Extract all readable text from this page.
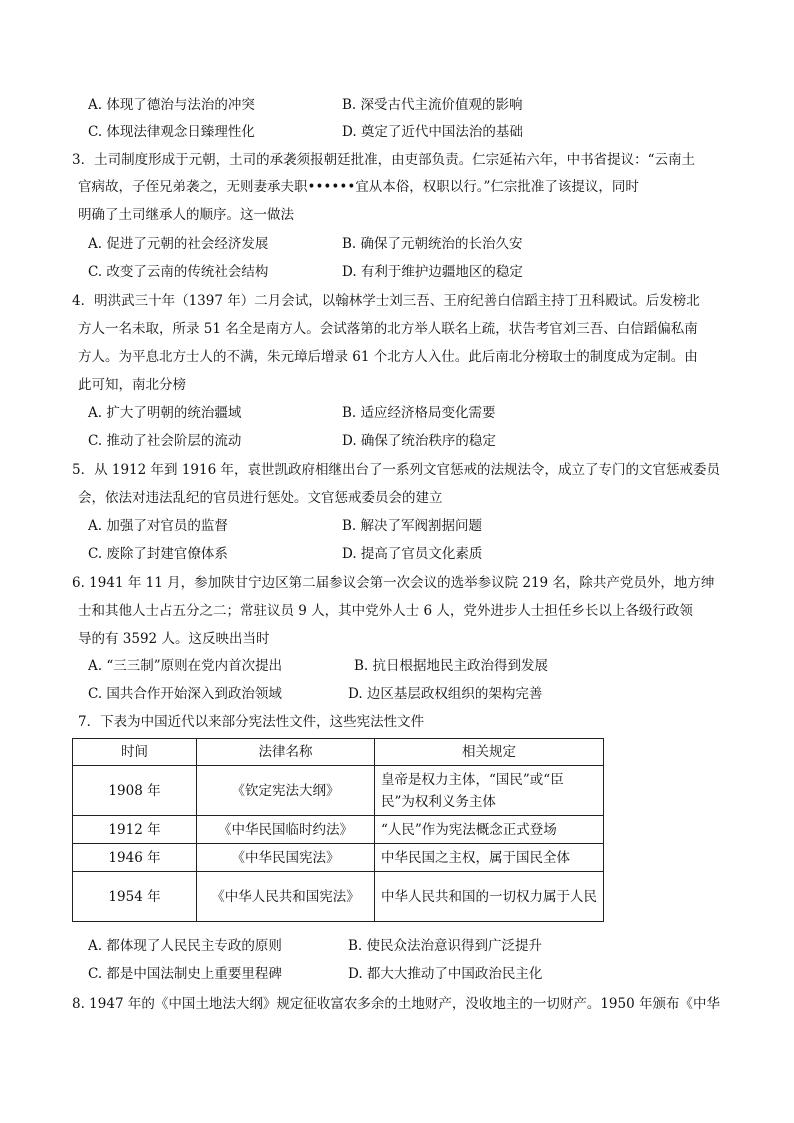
A. 体现了德治与法治的冲突	B. 深受古代主流价值观的影响
C. 体现法律观念日臻理性化	D. 奠定了近代中国法治的基础
3．土司制度形成于元朝，土司的承袭须报朝廷批准，由吏部负责。仁宗延祐六年，中书省提议：“云南土
官病故，子侄兄弟袭之，无则妻承夫职••••••宜从本俗，权职以行。”仁宗批准了该提议，同时
明确了土司继承人的顺序。这一做法
A. 促进了元朝的社会经济发展	B. 确保了元朝统治的长治久安
C. 改变了云南的传统社会结构	D. 有利于维护边疆地区的稳定
4．明洪武三十年（1397 年）二月会试，以翰林学士刘三吾、王府纪善白信蹈主持丁丑科殿试。后发榜北
方人一名未取，所录 51 名全是南方人。会试落第的北方举人联名上疏，状告考官刘三吾、白信蹈偏私南
方人。为平息北方士人的不满，朱元璋后增录 61 个北方人入仕。此后南北分榜取士的制度成为定制。由
此可知，南北分榜
A. 扩大了明朝的统治疆域	B. 适应经济格局变化需要
C. 推动了社会阶层的流动	D. 确保了统治秩序的稳定
5．从 1912 年到 1916 年，袁世凯政府相继出台了一系列文官惩戒的法规法令，成立了专门的文官惩戒委员
会，依法对违法乱纪的官员进行惩处。文官惩戒委员会的建立
A. 加强了对官员的监督	B. 解决了军阀割据问题
C. 废除了封建官僚体系	D. 提高了官员文化素质
6. 1941 年 11 月，参加陕甘宁边区第二届参议会第一次会议的选举参议院 219 名，除共产党员外，地方绅
士和其他人士占五分之二；常驻议员 9 人，其中党外人士 6 人，党外进步人士担任乡长以上各级行政领
导的有 3592 人。这反映出当时
A. “三三制”原则在党内首次提出	B. 抗日根据地民主政治得到发展
C. 国共合作开始深入到政治领域	D. 边区基层政权组织的架构完善
7．下表为中国近代以来部分宪法性文件，这些宪法性文件
时间	法律名称	相关规定
1908 年	《钦定宪法大纲》	皇帝是权力主体，“国民”或“臣民”为权利义务主体
1912 年	《中华民国临时约法》	“人民”作为宪法概念正式登场
1946 年	《中华民国宪法》	中华民国之主权，属于国民全体
1954 年	《中华人民共和国宪法》	中华人民共和国的一切权力属于人民
A. 都体现了人民民主专政的原则	B. 使民众法治意识得到广泛提升
C. 都是中国法制史上重要里程碑	D. 都大大推动了中国政治民主化
8. 1947 年的《中国土地法大纲》规定征收富农多余的土地财产，没收地主的一切财产。1950 年颁布《中华
